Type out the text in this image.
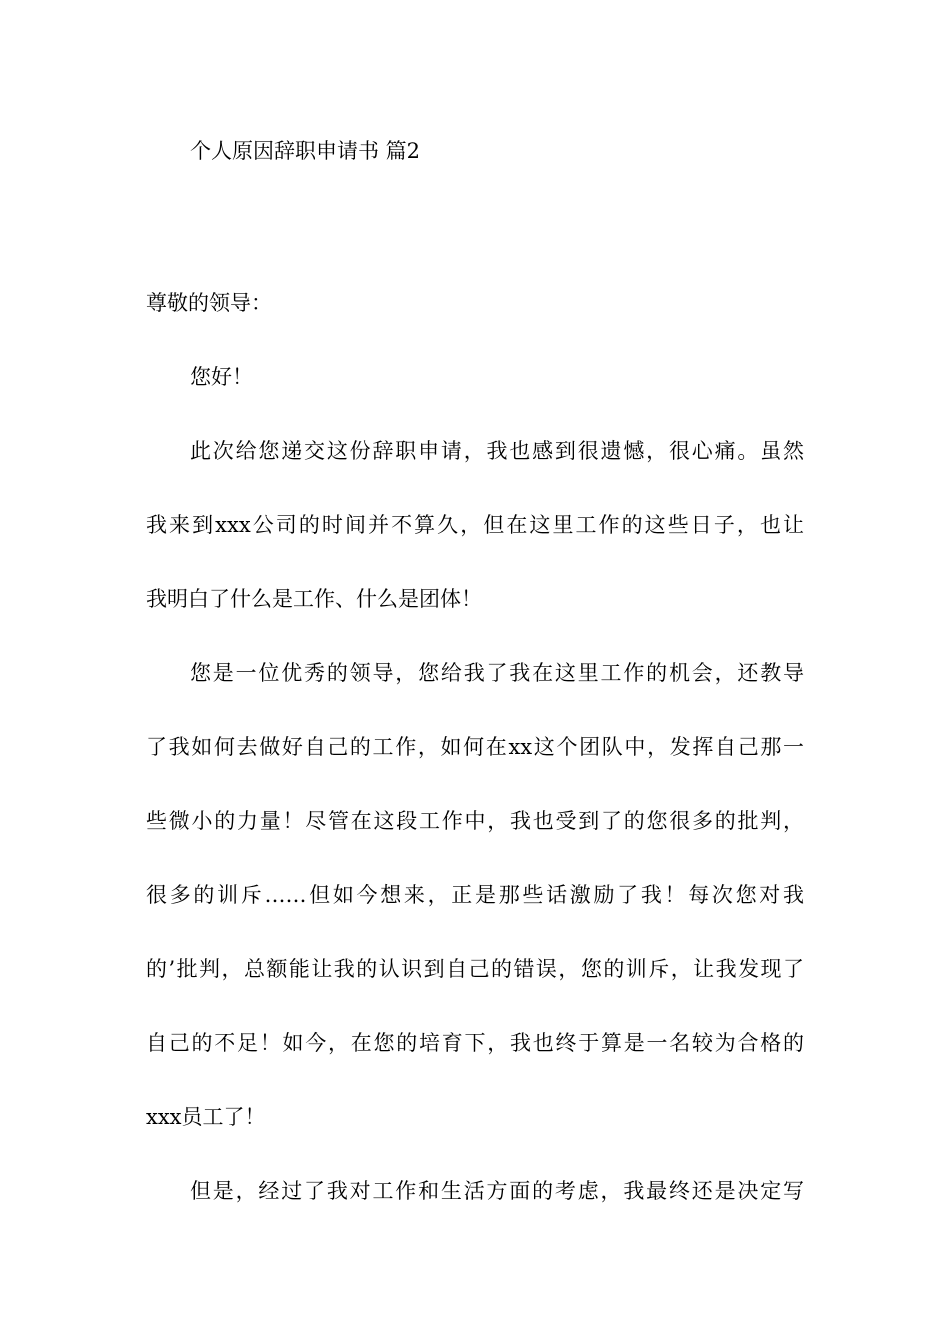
个人原因辞职申请书 篇2
尊敬的领导：
您好！
此次给您递交这份辞职申请，我也感到很遗憾，很心痛。虽然
我来到xxx公司的时间并不算久，但在这里工作的这些日子，也让
我明白了什么是工作、什么是团体！
您是一位优秀的领导，您给我了我在这里工作的机会，还教导
了我如何去做好自己的工作，如何在xx这个团队中，发挥自己那一
些微小的力量！尽管在这段工作中，我也受到了的您很多的批判，
很多的训斥……但如今想来，正是那些话激励了我！每次您对我
的’批判，总额能让我的认识到自己的错误，您的训斥，让我发现了
自己的不足！如今，在您的培育下，我也终于算是一名较为合格的
xxx员工了！
但是，经过了我对工作和生活方面的考虑，我最终还是决定写
